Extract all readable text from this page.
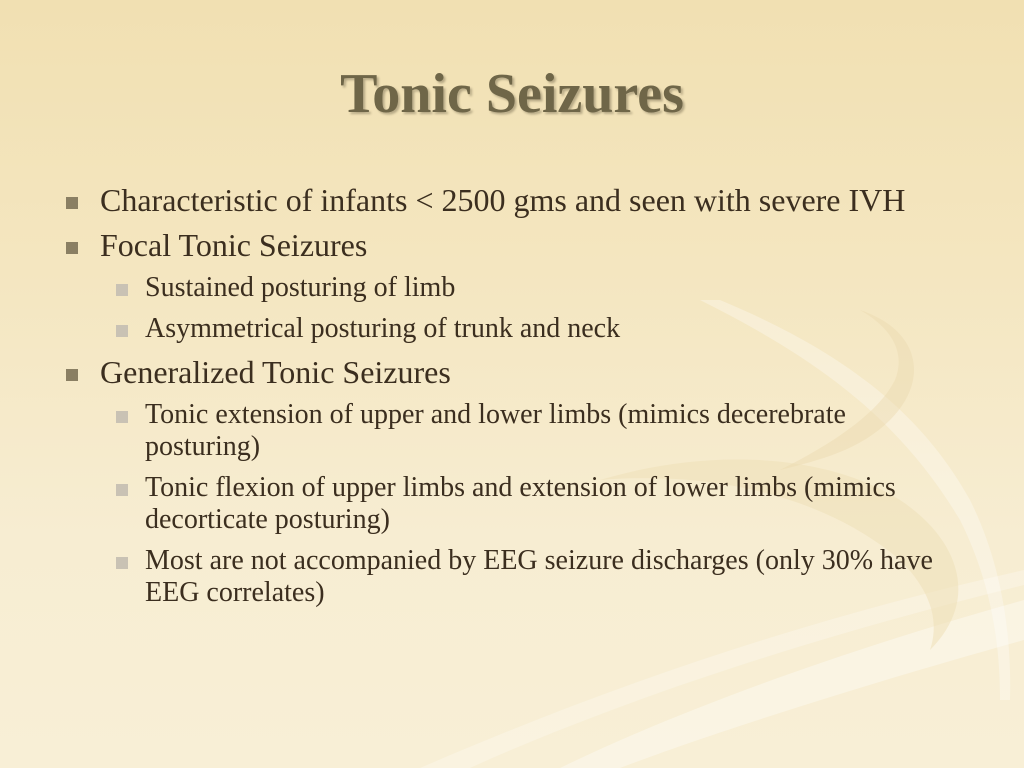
Tonic Seizures
Characteristic of infants < 2500 gms and seen with severe IVH
Focal Tonic Seizures
Sustained posturing of limb
Asymmetrical posturing of trunk and neck
Generalized Tonic Seizures
Tonic extension of upper and lower limbs (mimics decerebrate posturing)
Tonic flexion of upper limbs and extension of lower limbs (mimics decorticate posturing)
Most are not accompanied by EEG seizure discharges (only 30% have EEG correlates)
